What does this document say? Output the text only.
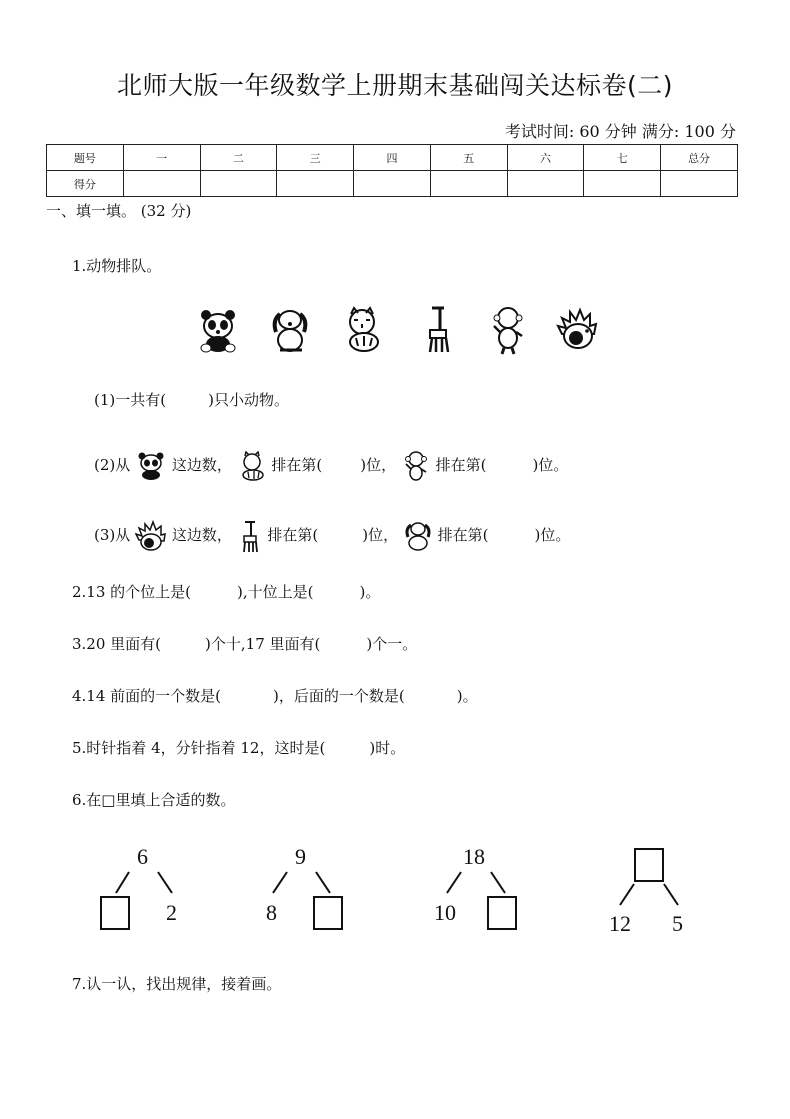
北师大版一年级数学上册期末基础闯关达标卷(二)
考试时间: 60 分钟 满分: 100 分
题号	一	二	三	四	五	六	七	总分
得分								
一、填一填。 (32 分)
1.动物排队。
(1)一共有(	)只小动物。
(2)从	这边数，	排在第(	)位，	排在第(	)位。
(3)从	这边数， 排在第(	)位，	排在第(	)位。
2.13 的个位上是(	),十位上是(	)。
3.20 里面有(	)个十,17 里面有(	)个一。
4.14 前面的一个数是(	)，后面的一个数是(	)。
5.时针指着 4，分针指着 12，这时是(	)时。
6.在□里填上合适的数。
6
2
9
8
18
10	12 5
7.认一认，找出规律，接着画。
